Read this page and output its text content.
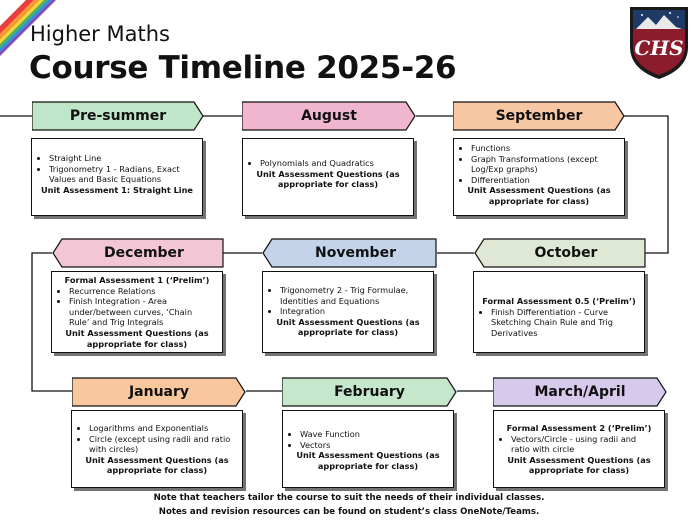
Higher Maths
Course Timeline 2025-26
CHS
Pre-summer	August	September
• Straight Line
• Trigonometry 1 - Radians, Exact Values and Basic Equations
Unit Assessment 1: Straight Line
• Polynomials and Quadratics
Unit Assessment Questions (as appropriate for class)
• Functions
• Graph Transformations (except Log/Exp graphs)
• Differentiation
Unit Assessment Questions (as appropriate for class)
December	November	October
Formal Assessment 1 (‘Prelim’)
• Recurrence Relations
• Finish Integration - Area under/between curves, ‘Chain Rule’ and Trig Integrals
Unit Assessment Questions (as appropriate for class)
• Trigonometry 2 - Trig Formulae, Identities and Equations
• Integration
Unit Assessment Questions (as appropriate for class)
Formal Assessment 0.5 (‘Prelim’)
• Finish Differentiation - Curve Sketching Chain Rule and Trig Derivatives
January	February	March/April
• Logarithms and Exponentials
• Circle (except using radii and ratio with circles)
Unit Assessment Questions (as appropriate for class)
• Wave Function
• Vectors
Unit Assessment Questions (as appropriate for class)
Formal Assessment 2 (‘Prelim’)
• Vectors/Circle - using radii and ratio with circle
Unit Assessment Questions (as appropriate for class)
Note that teachers tailor the course to suit the needs of their individual classes.
Notes and revision resources can be found on student’s class OneNote/Teams.
